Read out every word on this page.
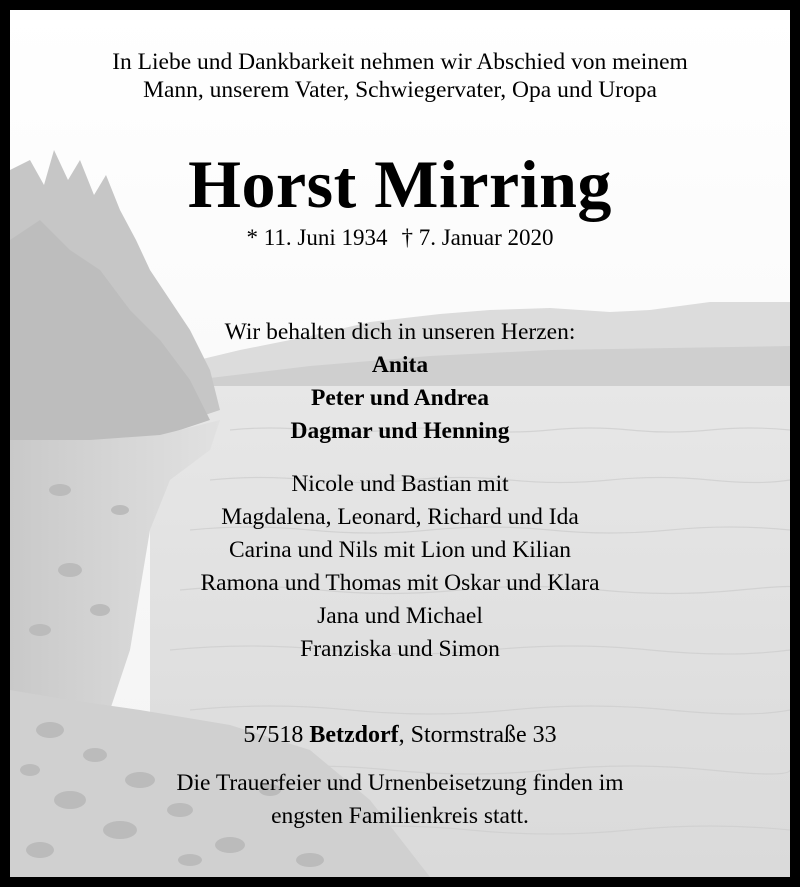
In Liebe und Dankbarkeit nehmen wir Abschied von meinem
Mann, unserem Vater, Schwiegervater, Opa und Uropa
Horst Mirring
* 11. Juni 1934 † 7. Januar 2020
Wir behalten dich in unseren Herzen:
Anita
Peter und Andrea
Dagmar und Henning
Nicole und Bastian mit
Magdalena, Leonard, Richard und Ida
Carina und Nils mit Lion und Kilian
Ramona und Thomas mit Oskar und Klara
Jana und Michael
Franziska und Simon
57518 Betzdorf, Stormstraße 33
Die Trauerfeier und Urnenbeisetzung finden im
engsten Familienkreis statt.
